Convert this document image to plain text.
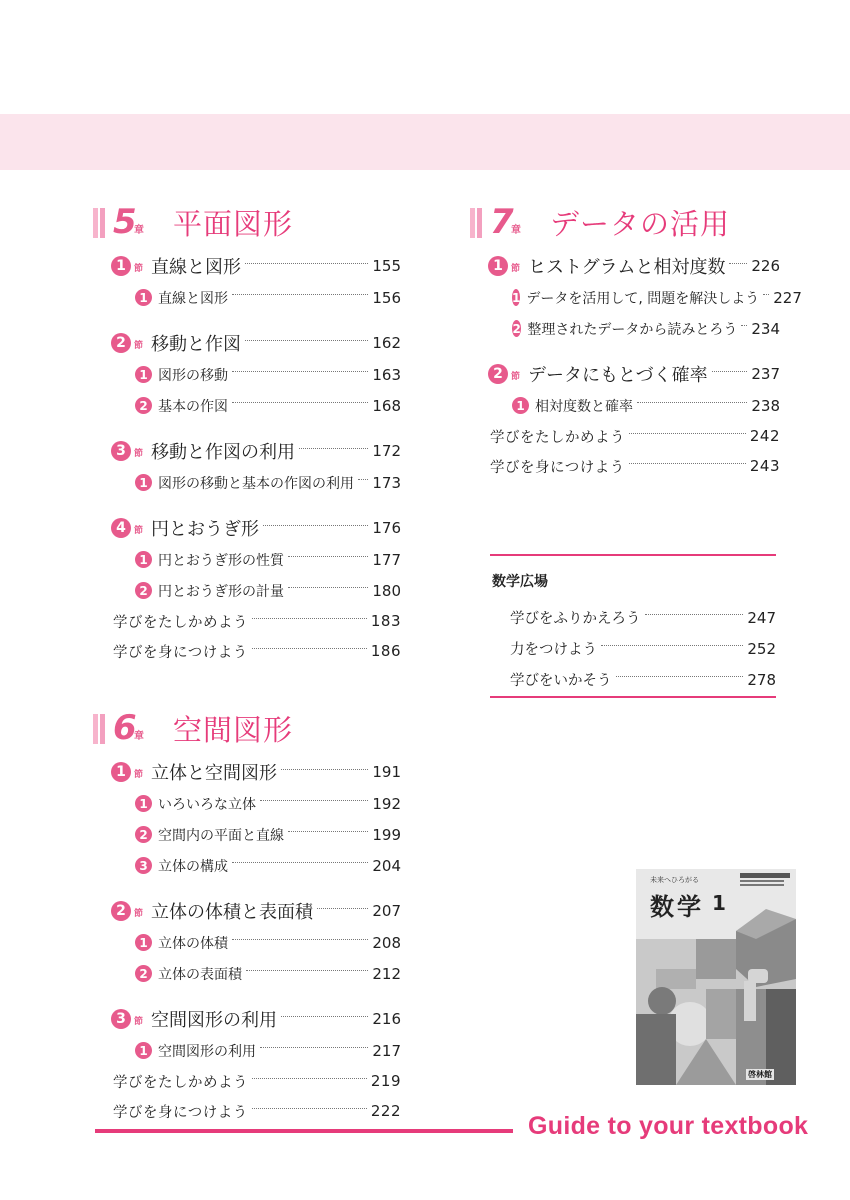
5
章 平面図形
1 節 直線と図形	155
1 直線と図形	156
2 節 移動と作図	162
1 図形の移動	163
2 基本の作図	168
3 節 移動と作図の利用	172
1 図形の移動と基本の作図の利用 173
4 節 円とおうぎ形	176
1 円とおうぎ形の性質	177
2 円とおうぎ形の計量	180
学びをたしかめよう	183
学びを身につけよう	186
6
章 空間図形
1 節 立体と空間図形	191
1 いろいろな立体	192
2 空間内の平面と直線	199
3 立体の構成	204
2 節 立体の体積と表面積	207
1 立体の体積	208
2 立体の表面積	212
3 節 空間図形の利用	216
1 空間図形の利用	217
学びをたしかめよう	219
学びを身につけよう	222
7
章 データの活用
1 節 ヒストグラムと相対度数 226
1 データを活用して, 問題を解決しよう 227
2 整理されたデータから読みとろう 234
2 節 データにもとづく確率	237
1 相対度数と確率	238
学びをたしかめよう	242
学びを身につけよう	243
数学広場
学びをふりかえろう	247
力をつけよう	252
学びをいかそう	278
未来へひろがる
数学 1
啓林館
Guide to your textbook
